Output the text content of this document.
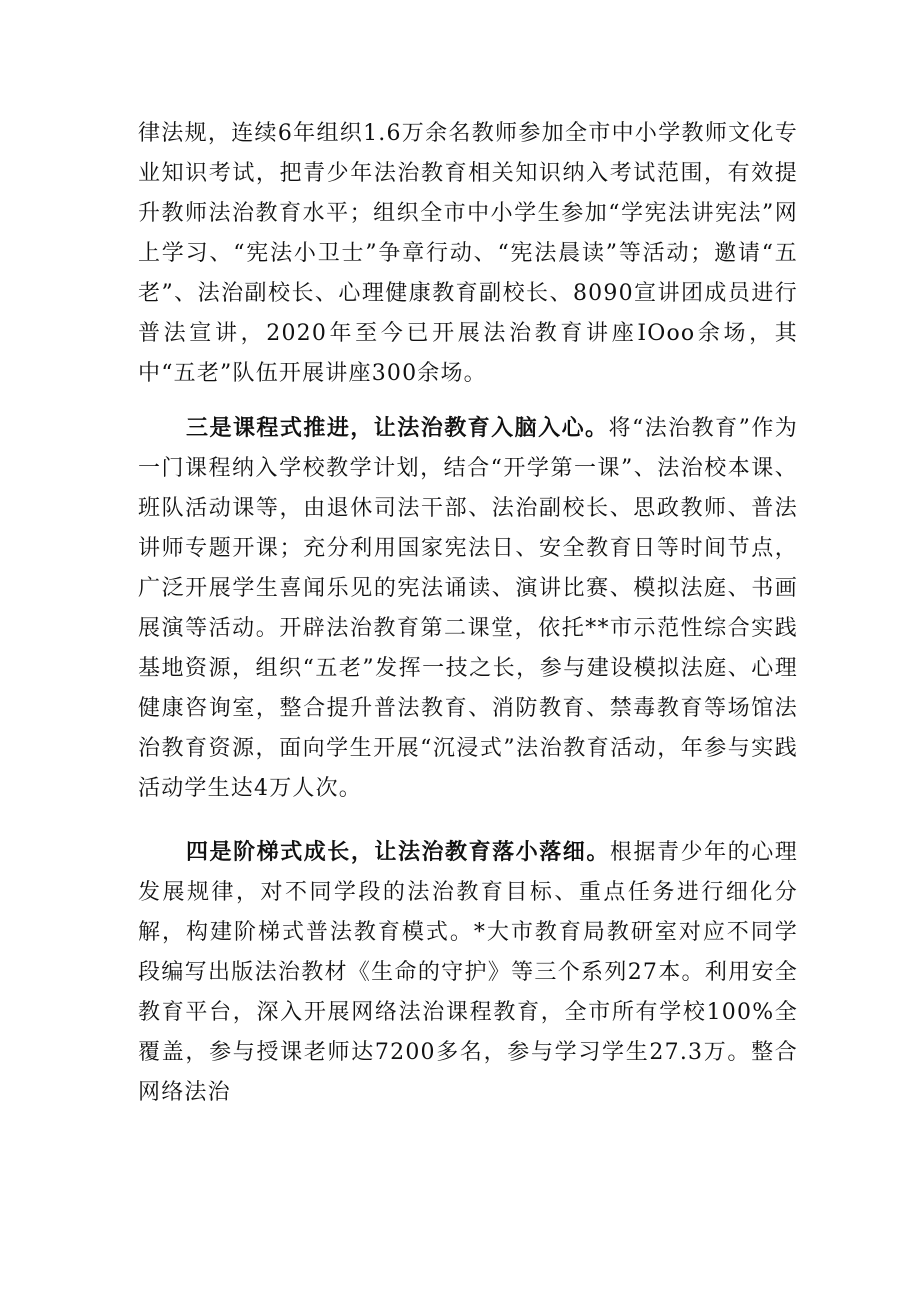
律法规，连续6年组织1.6万余名教师参加全市中小学教师文化专业知识考试，把青少年法治教育相关知识纳入考试范围，有效提升教师法治教育水平；组织全市中小学生参加“学宪法讲宪法”网上学习、“宪法小卫士”争章行动、“宪法晨读”等活动；邀请“五老”、法治副校长、心理健康教育副校长、8090宣讲团成员进行普法宣讲，2020年至今已开展法治教育讲座IOoo余场，其中“五老”队伍开展讲座300余场。

三是课程式推进，让法治教育入脑入心。将“法治教育”作为一门课程纳入学校教学计划，结合“开学第一课”、法治校本课、班队活动课等，由退休司法干部、法治副校长、思政教师、普法讲师专题开课；充分利用国家宪法日、安全教育日等时间节点，广泛开展学生喜闻乐见的宪法诵读、演讲比赛、模拟法庭、书画展演等活动。开辟法治教育第二课堂，依托**市示范性综合实践基地资源，组织“五老”发挥一技之长，参与建设模拟法庭、心理健康咨询室，整合提升普法教育、消防教育、禁毒教育等场馆法治教育资源，面向学生开展“沉浸式”法治教育活动，年参与实践活动学生达4万人次。

四是阶梯式成长，让法治教育落小落细。根据青少年的心理发展规律，对不同学段的法治教育目标、重点任务进行细化分解，构建阶梯式普法教育模式。*大市教育局教研室对应不同学段编写出版法治教材《生命的守护》等三个系列27本。利用安全教育平台，深入开展网络法治课程教育，全市所有学校100%全覆盖，参与授课老师达7200多名，参与学习学生27.3万。整合网络法治
